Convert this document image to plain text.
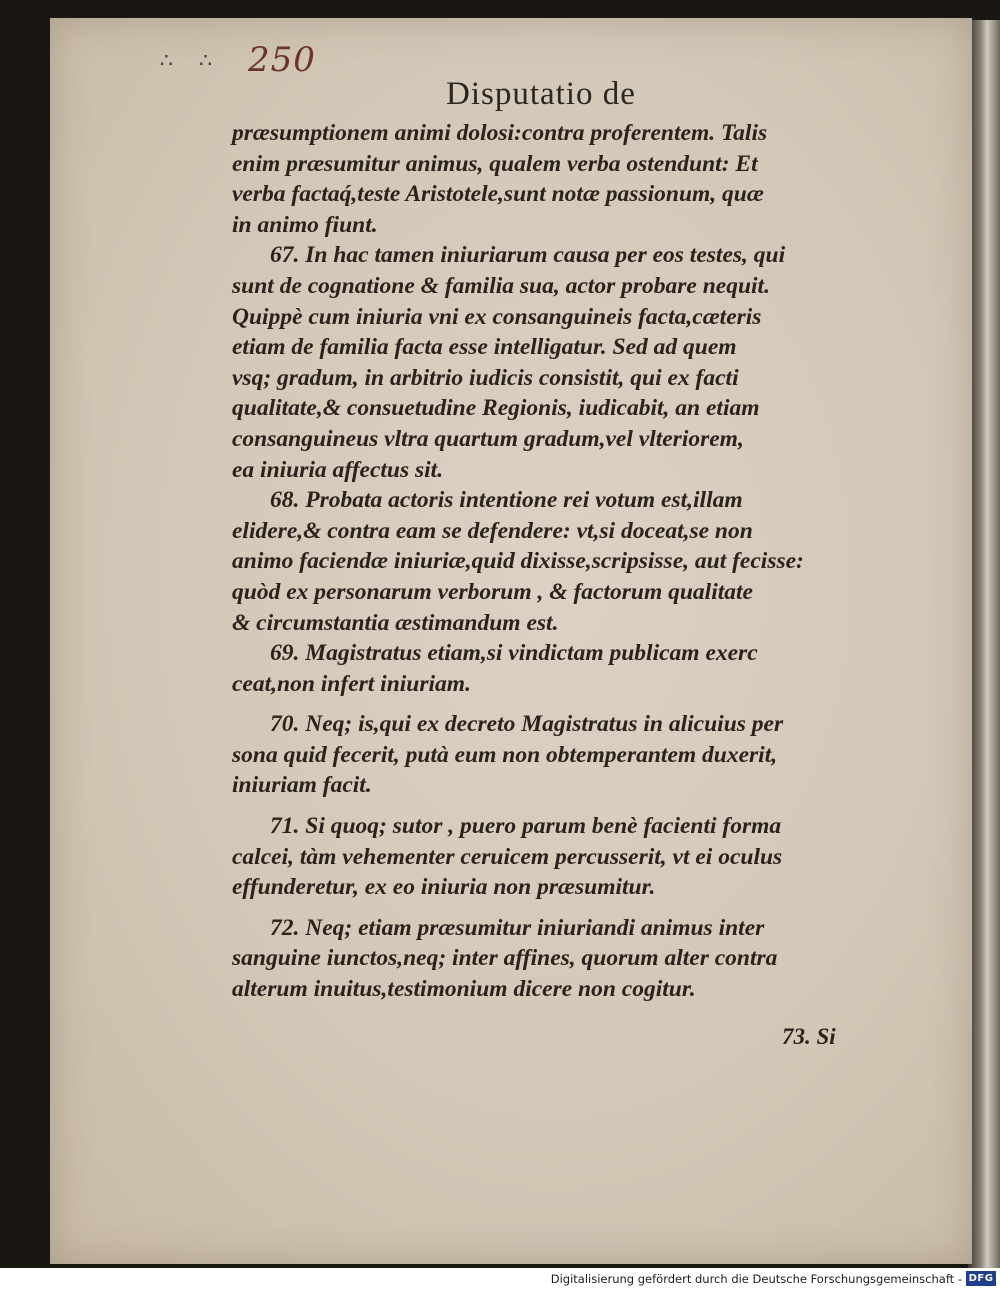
∴ ∴ 250
Disputatio de

præsumptionem animi dolosi:contra proferentem. Talis
enim præsumitur animus, qualem verba ostendunt: Et
verba factaq́,teste Aristotele,sunt notæ passionum, quæ
in animo fiunt.

67. In hac tamen iniuriarum causa per eos testes, qui
sunt de cognatione & familia sua, actor probare nequit.
Quippè cum iniuria vni ex consanguineis facta,cæteris
etiam de familia facta esse intelligatur. Sed ad quem
vsq; gradum, in arbitrio iudicis consistit, qui ex facti
qualitate,& consuetudine Regionis, iudicabit, an etiam
consanguineus vltra quartum gradum,vel vlteriorem,
ea iniuria affectus sit.

68. Probata actoris intentione rei votum est,illam
elidere,& contra eam se defendere: vt,si doceat,se non
animo faciendæ iniuriæ,quid dixisse,scripsisse, aut fecisse:
quòd ex personarum verborum , & factorum qualitate
& circumstantia æstimandum est.

69. Magistratus etiam,si vindictam publicam exerc
ceat,non infert iniuriam.

70. Neq; is,qui ex decreto Magistratus in alicuius per
sona quid fecerit, putà eum non obtemperantem duxerit,
iniuriam facit.

71. Si quoq; sutor , puero parum benè facienti forma
calcei, tàm vehementer ceruicem percusserit, vt ei oculus
effunderetur, ex eo iniuria non præsumitur.

72. Neq; etiam præsumitur iniuriandi animus inter
sanguine iunctos,neq; inter affines, quorum alter contra
alterum inuitus,testimonium dicere non cogitur.

73. Si
Digitalisierung gefördert durch die Deutsche Forschungsgemeinschaft - DFG
